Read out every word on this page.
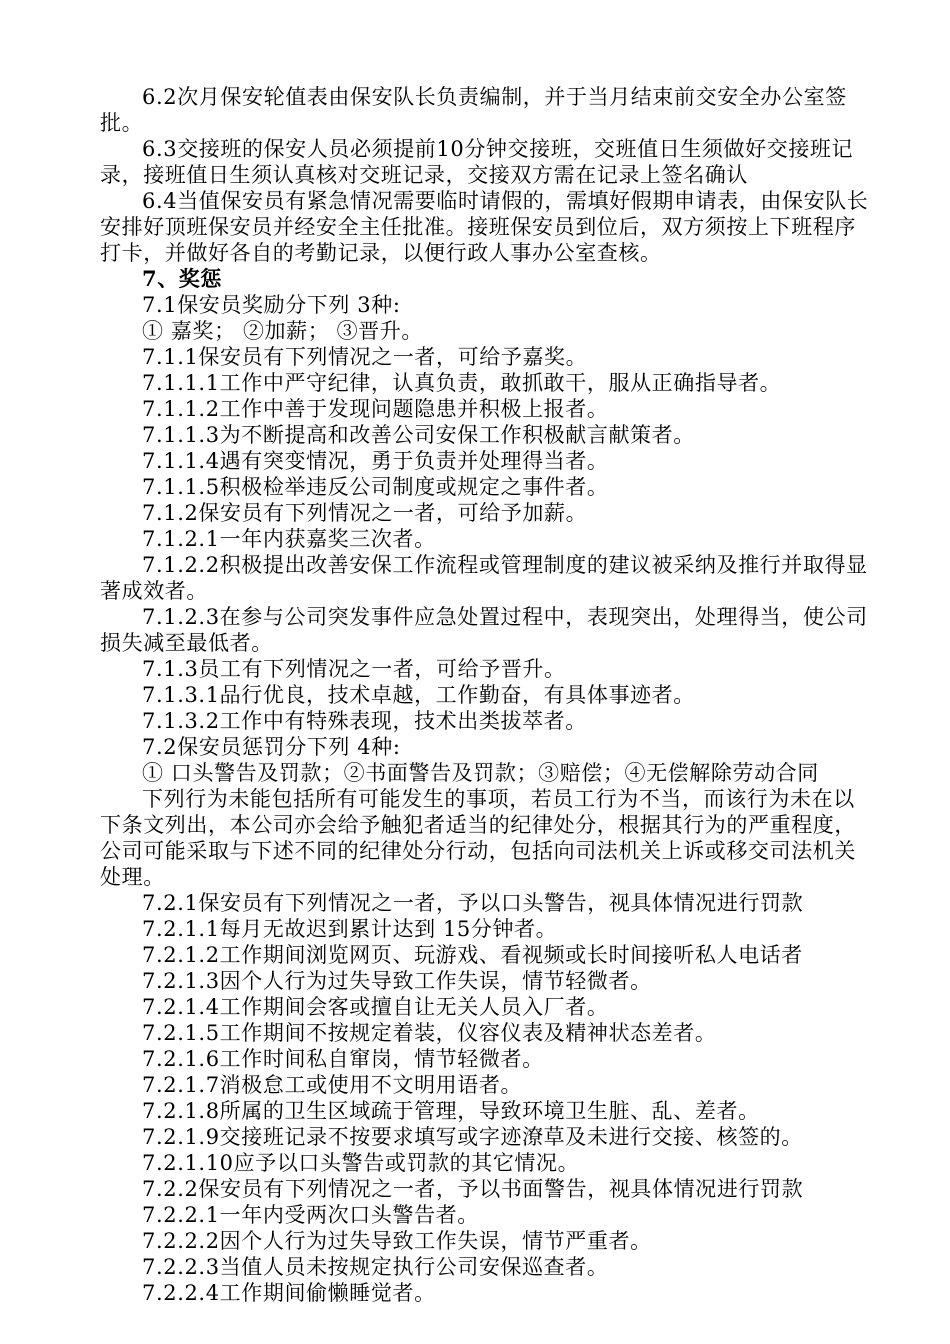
6.2次月保安轮值表由保安队长负责编制，并于当月结束前交安全办公室签批。

6.3交接班的保安人员必须提前10分钟交接班，交班值日生须做好交接班记录，接班值日生须认真核对交班记录，交接双方需在记录上签名确认

6.4当值保安员有紧急情况需要临时请假的，需填好假期申请表，由保安队长安排好顶班保安员并经安全主任批准。接班保安员到位后，双方须按上下班程序打卡，并做好各自的考勤记录，以便行政人事办公室查核。

7、奖惩

7.1保安员奖励分下列 3种:

① 嘉奖； ②加薪； ③晋升。

7.1.1保安员有下列情况之一者，可给予嘉奖。

7.1.1.1工作中严守纪律，认真负责，敢抓敢干，服从正确指导者。

7.1.1.2工作中善于发现问题隐患并积极上报者。

7.1.1.3为不断提高和改善公司安保工作积极献言献策者。

7.1.1.4遇有突变情况，勇于负责并处理得当者。

7.1.1.5积极检举违反公司制度或规定之事件者。

7.1.2保安员有下列情况之一者，可给予加薪。

7.1.2.1一年内获嘉奖三次者。

7.1.2.2积极提出改善安保工作流程或管理制度的建议被采纳及推行并取得显著成效者。

7.1.2.3在参与公司突发事件应急处置过程中，表现突出，处理得当，使公司损失减至最低者。

7.1.3员工有下列情况之一者，可给予晋升。

7.1.3.1品行优良，技术卓越，工作勤奋，有具体事迹者。

7.1.3.2工作中有特殊表现，技术出类拔萃者。

7.2保安员惩罚分下列 4种:

① 口头警告及罚款；②书面警告及罚款；③赔偿；④无偿解除劳动合同

下列行为未能包括所有可能发生的事项，若员工行为不当，而该行为未在以下条文列出，本公司亦会给予触犯者适当的纪律处分，根据其行为的严重程度，公司可能采取与下述不同的纪律处分行动，包括向司法机关上诉或移交司法机关处理。

7.2.1保安员有下列情况之一者，予以口头警告，视具体情况进行罚款

7.2.1.1每月无故迟到累计达到 15分钟者。

7.2.1.2工作期间浏览网页、玩游戏、看视频或长时间接听私人电话者

7.2.1.3因个人行为过失导致工作失误，情节轻微者。

7.2.1.4工作期间会客或擅自让无关人员入厂者。

7.2.1.5工作期间不按规定着装，仪容仪表及精神状态差者。

7.2.1.6工作时间私自窜岗，情节轻微者。

7.2.1.7消极怠工或使用不文明用语者。

7.2.1.8所属的卫生区域疏于管理，导致环境卫生脏、乱、差者。

7.2.1.9交接班记录不按要求填写或字迹潦草及未进行交接、核签的。

7.2.1.10应予以口头警告或罚款的其它情况。

7.2.2保安员有下列情况之一者，予以书面警告，视具体情况进行罚款

7.2.2.1一年内受两次口头警告者。

7.2.2.2因个人行为过失导致工作失误，情节严重者。

7.2.2.3当值人员未按规定执行公司安保巡查者。

7.2.2.4工作期间偷懒睡觉者。
